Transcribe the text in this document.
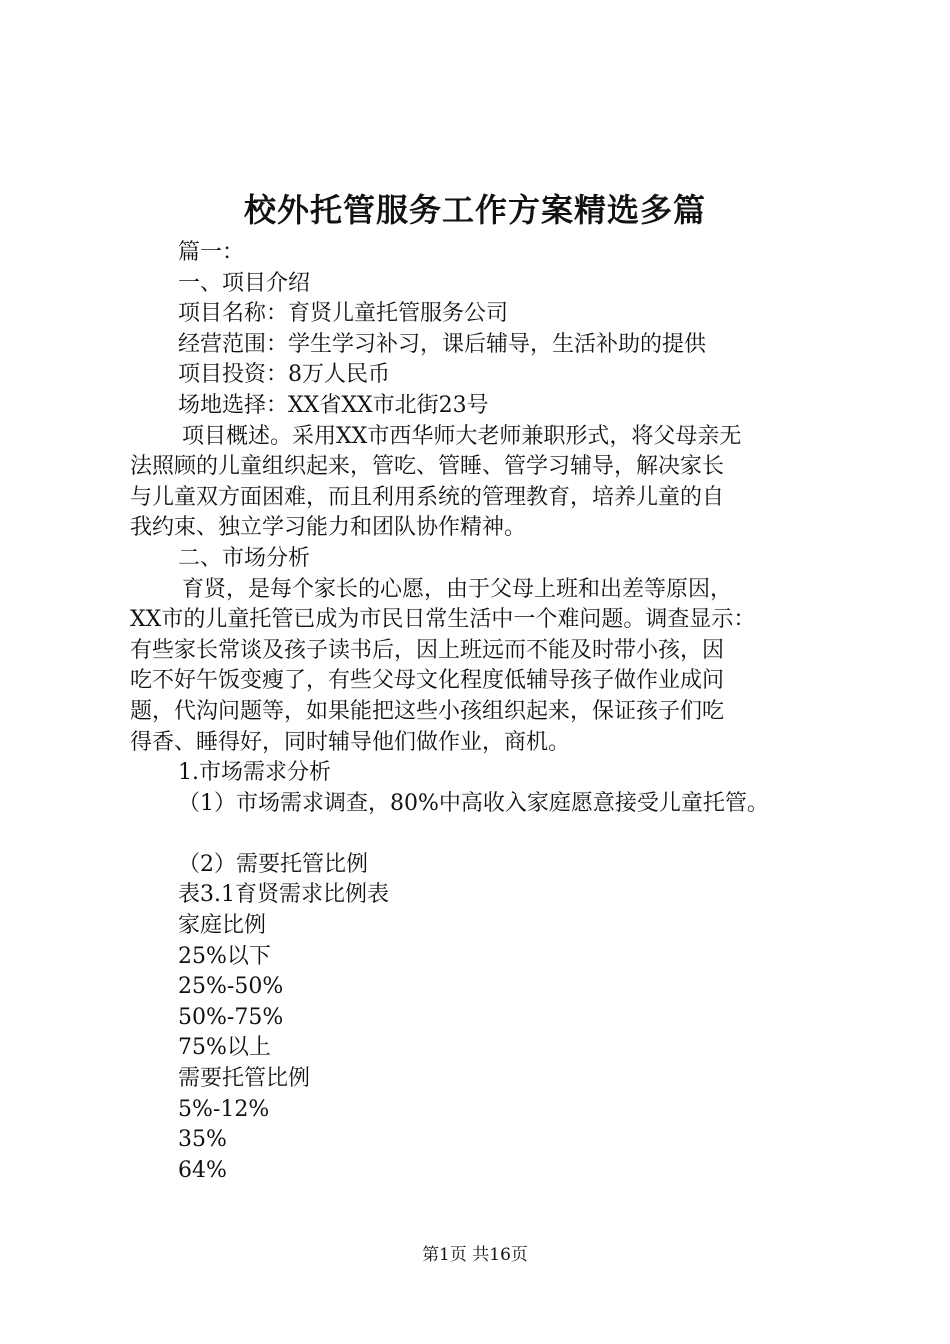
校外托管服务工作方案精选多篇
篇一：
一、项目介绍
项目名称：育贤儿童托管服务公司
经营范围：学生学习补习，课后辅导，生活补助的提供
项目投资：8万人民币
场地选择：XX省XX市北街23号
项目概述。采用XX市西华师大老师兼职形式，将父母亲无
法照顾的儿童组织起来，管吃、管睡、管学习辅导，解决家长
与儿童双方面困难，而且利用系统的管理教育，培养儿童的自
我约束、独立学习能力和团队协作精神。
二、市场分析
育贤，是每个家长的心愿，由于父母上班和出差等原因，
XX市的儿童托管已成为市民日常生活中一个难问题。调查显示：
有些家长常谈及孩子读书后，因上班远而不能及时带小孩，因
吃不好午饭变瘦了，有些父母文化程度低辅导孩子做作业成问
题，代沟问题等，如果能把这些小孩组织起来，保证孩子们吃
得香、睡得好，同时辅导他们做作业，商机。
1.市场需求分析
（1）市场需求调查，80%中高收入家庭愿意接受儿童托管。
（2）需要托管比例
表3.1育贤需求比例表
家庭比例
25%以下
25%-50%
50%-75%
75%以上
需要托管比例
5%-12%
35%
64%
第1页 共16页
